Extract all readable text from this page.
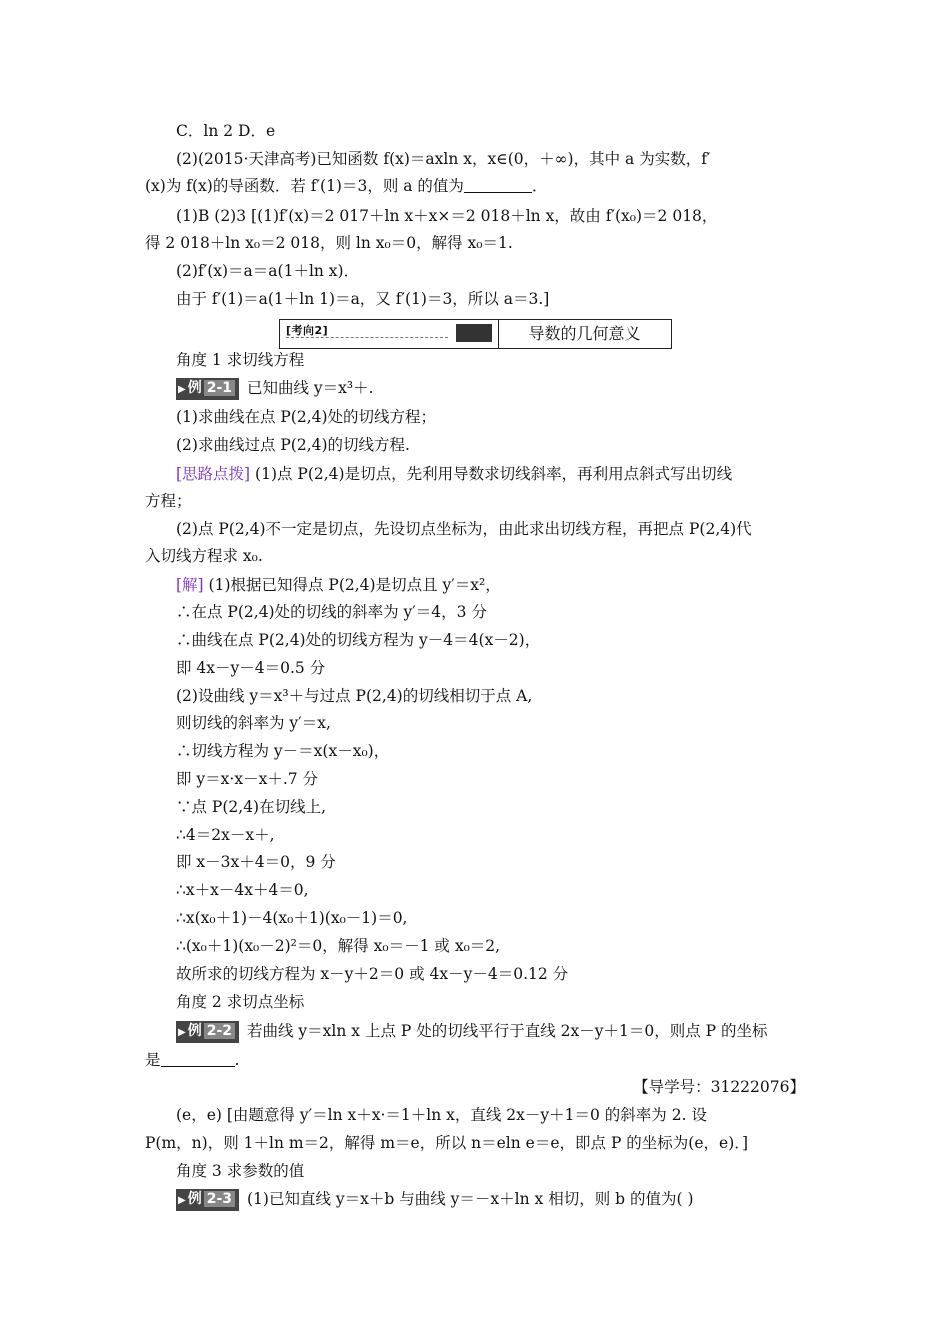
C．ln 2 D．e
(2)(2015·天津高考)已知函数 f(x)＝axln x，x∈(0，＋∞)，其中 a 为实数，f′
(x)为 f(x)的导函数．若 f′(1)＝3，则 a 的值为	．
(1)B (2)3 [(1)f′(x)＝2 017＋ln x＋x×＝2 018＋ln x，故由 f′(x₀)＝2 018，
得 2 018＋ln x₀＝2 018，则 ln x₀＝0，解得 x₀＝1.
(2)f′(x)＝a＝a(1＋ln x)．
由于 f′(1)＝a(1＋ln 1)＝a，又 f′(1)＝3，所以 a＝3.]
[考向2]	导数的几何意义
角度 1 求切线方程
▶ 例 2-1 已知曲线 y＝x³＋.
(1)求曲线在点 P(2,4)处的切线方程；
(2)求曲线过点 P(2,4)的切线方程.
[思路点拨] (1)点 P(2,4)是切点，先利用导数求切线斜率，再利用点斜式写出切线
方程；
(2)点 P(2,4)不一定是切点，先设切点坐标为，由此求出切线方程，再把点 P(2,4)代
入切线方程求 x₀.
[解] (1)根据已知得点 P(2,4)是切点且 y′＝x²，
∴在点 P(2,4)处的切线的斜率为 y′＝4，3 分
∴曲线在点 P(2,4)处的切线方程为 y－4＝4(x－2)，
即 4x－y－4＝0.5 分
(2)设曲线 y＝x³＋与过点 P(2,4)的切线相切于点 A,
则切线的斜率为 y′＝x,
∴切线方程为 y－＝x(x－x₀)，
即 y＝x·x－x＋.7 分
∵点 P(2,4)在切线上,
∴4＝2x－x＋,
即 x－3x＋4＝0，9 分
∴x＋x－4x＋4＝0,
∴x(x₀＋1)－4(x₀＋1)(x₀－1)＝0,
∴(x₀＋1)(x₀－2)²＝0，解得 x₀＝－1 或 x₀＝2,
故所求的切线方程为 x－y＋2＝0 或 4x－y－4＝0.12 分
角度 2 求切点坐标
▶ 例 2-2 若曲线 y＝xln x 上点 P 处的切线平行于直线 2x－y＋1＝0，则点 P 的坐标
是	.
【导学号：31222076】
(e，e) [由题意得 y′＝ln x＋x·＝1＋ln x，直线 2x－y＋1＝0 的斜率为 2. 设
P(m，n)，则 1＋ln m＝2，解得 m＝e，所以 n＝eln e＝e，即点 P 的坐标为(e，e)．]
角度 3 求参数的值
▶ 例 2-3 (1)已知直线 y＝x＋b 与曲线 y＝－x＋ln x 相切，则 b 的值为( )
